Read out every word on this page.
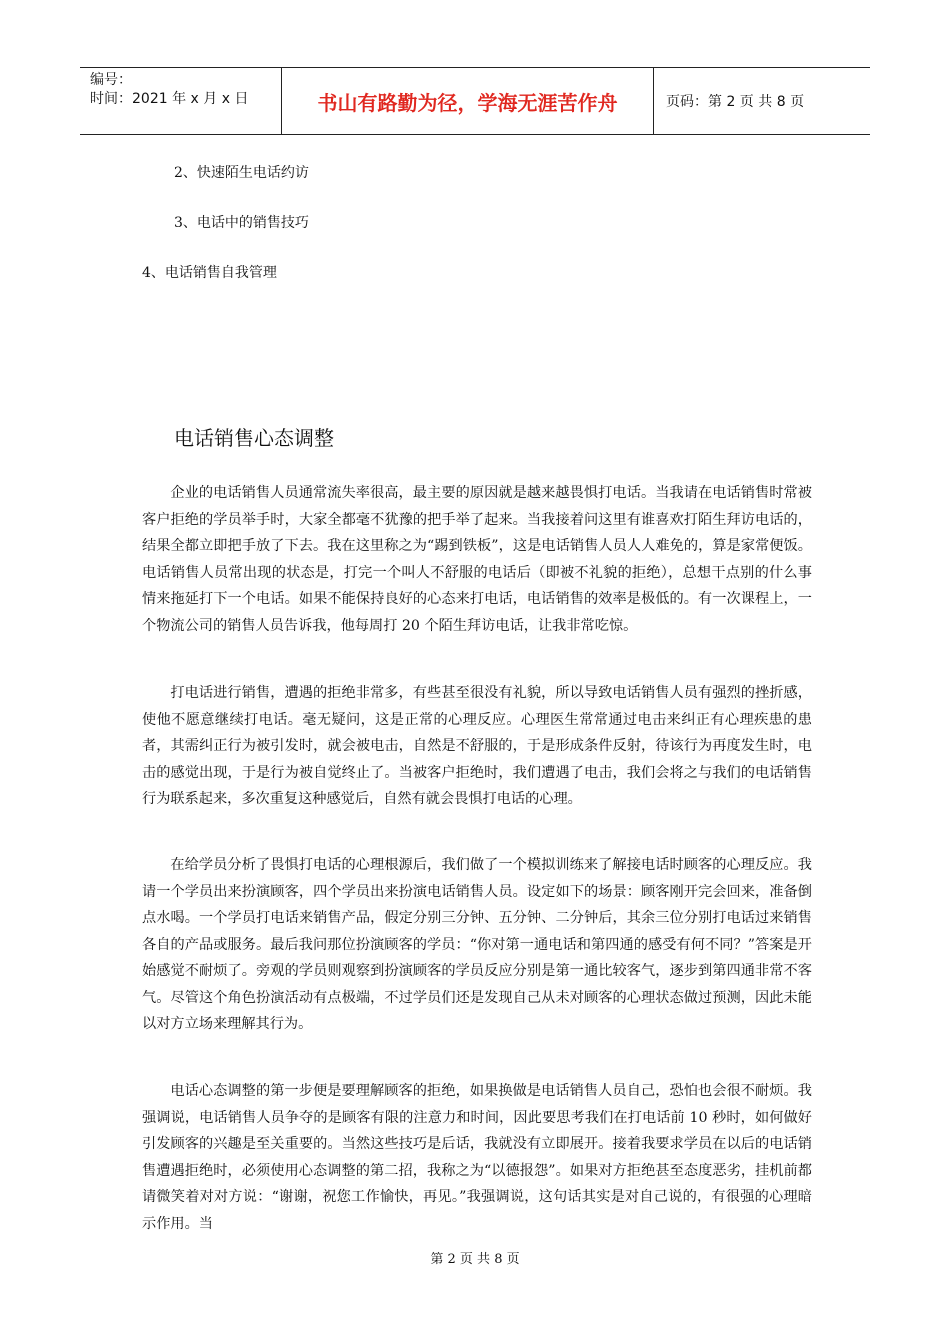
编号：
时间：2021 年 x 月 x 日	书山有路勤为径，学海无涯苦作舟	页码：第 2 页 共 8 页
2、快速陌生电话约访
3、电话中的销售技巧
4、电话销售自我管理
电话销售心态调整

企业的电话销售人员通常流失率很高，最主要的原因就是越来越畏惧打电话。当我请在电话销售时常被客户拒绝的学员举手时，大家全都毫不犹豫的把手举了起来。当我接着问这里有谁喜欢打陌生拜访电话的，结果全都立即把手放了下去。我在这里称之为“踢到铁板”，这是电话销售人员人人难免的，算是家常便饭。电话销售人员常出现的状态是，打完一个叫人不舒服的电话后（即被不礼貌的拒绝），总想干点别的什么事情来拖延打下一个电话。如果不能保持良好的心态来打电话，电话销售的效率是极低的。有一次课程上，一个物流公司的销售人员告诉我，他每周打 20 个陌生拜访电话，让我非常吃惊。

打电话进行销售，遭遇的拒绝非常多，有些甚至很没有礼貌，所以导致电话销售人员有强烈的挫折感，使他不愿意继续打电话。毫无疑问，这是正常的心理反应。心理医生常常通过电击来纠正有心理疾患的患者，其需纠正行为被引发时，就会被电击，自然是不舒服的，于是形成条件反射，待该行为再度发生时，电击的感觉出现，于是行为被自觉终止了。当被客户拒绝时，我们遭遇了电击，我们会将之与我们的电话销售行为联系起来，多次重复这种感觉后，自然有就会畏惧打电话的心理。

在给学员分析了畏惧打电话的心理根源后，我们做了一个模拟训练来了解接电话时顾客的心理反应。我请一个学员出来扮演顾客，四个学员出来扮演电话销售人员。设定如下的场景：顾客刚开完会回来，准备倒点水喝。一个学员打电话来销售产品，假定分别三分钟、五分钟、二分钟后，其余三位分别打电话过来销售各自的产品或服务。最后我问那位扮演顾客的学员：“你对第一通电话和第四通的感受有何不同？”答案是开始感觉不耐烦了。旁观的学员则观察到扮演顾客的学员反应分别是第一通比较客气，逐步到第四通非常不客气。尽管这个角色扮演活动有点极端，不过学员们还是发现自己从未对顾客的心理状态做过预测，因此未能以对方立场来理解其行为。

电话心态调整的第一步便是要理解顾客的拒绝，如果换做是电话销售人员自己，恐怕也会很不耐烦。我强调说，电话销售人员争夺的是顾客有限的注意力和时间，因此要思考我们在打电话前 10 秒时，如何做好引发顾客的兴趣是至关重要的。当然这些技巧是后话，我就没有立即展开。接着我要求学员在以后的电话销售遭遇拒绝时，必须使用心态调整的第二招，我称之为“以德报怨”。如果对方拒绝甚至态度恶劣，挂机前都请微笑着对对方说：“谢谢，祝您工作愉快，再见。”我强调说，这句话其实是对自己说的，有很强的心理暗示作用。当

第 2 页 共 8 页
